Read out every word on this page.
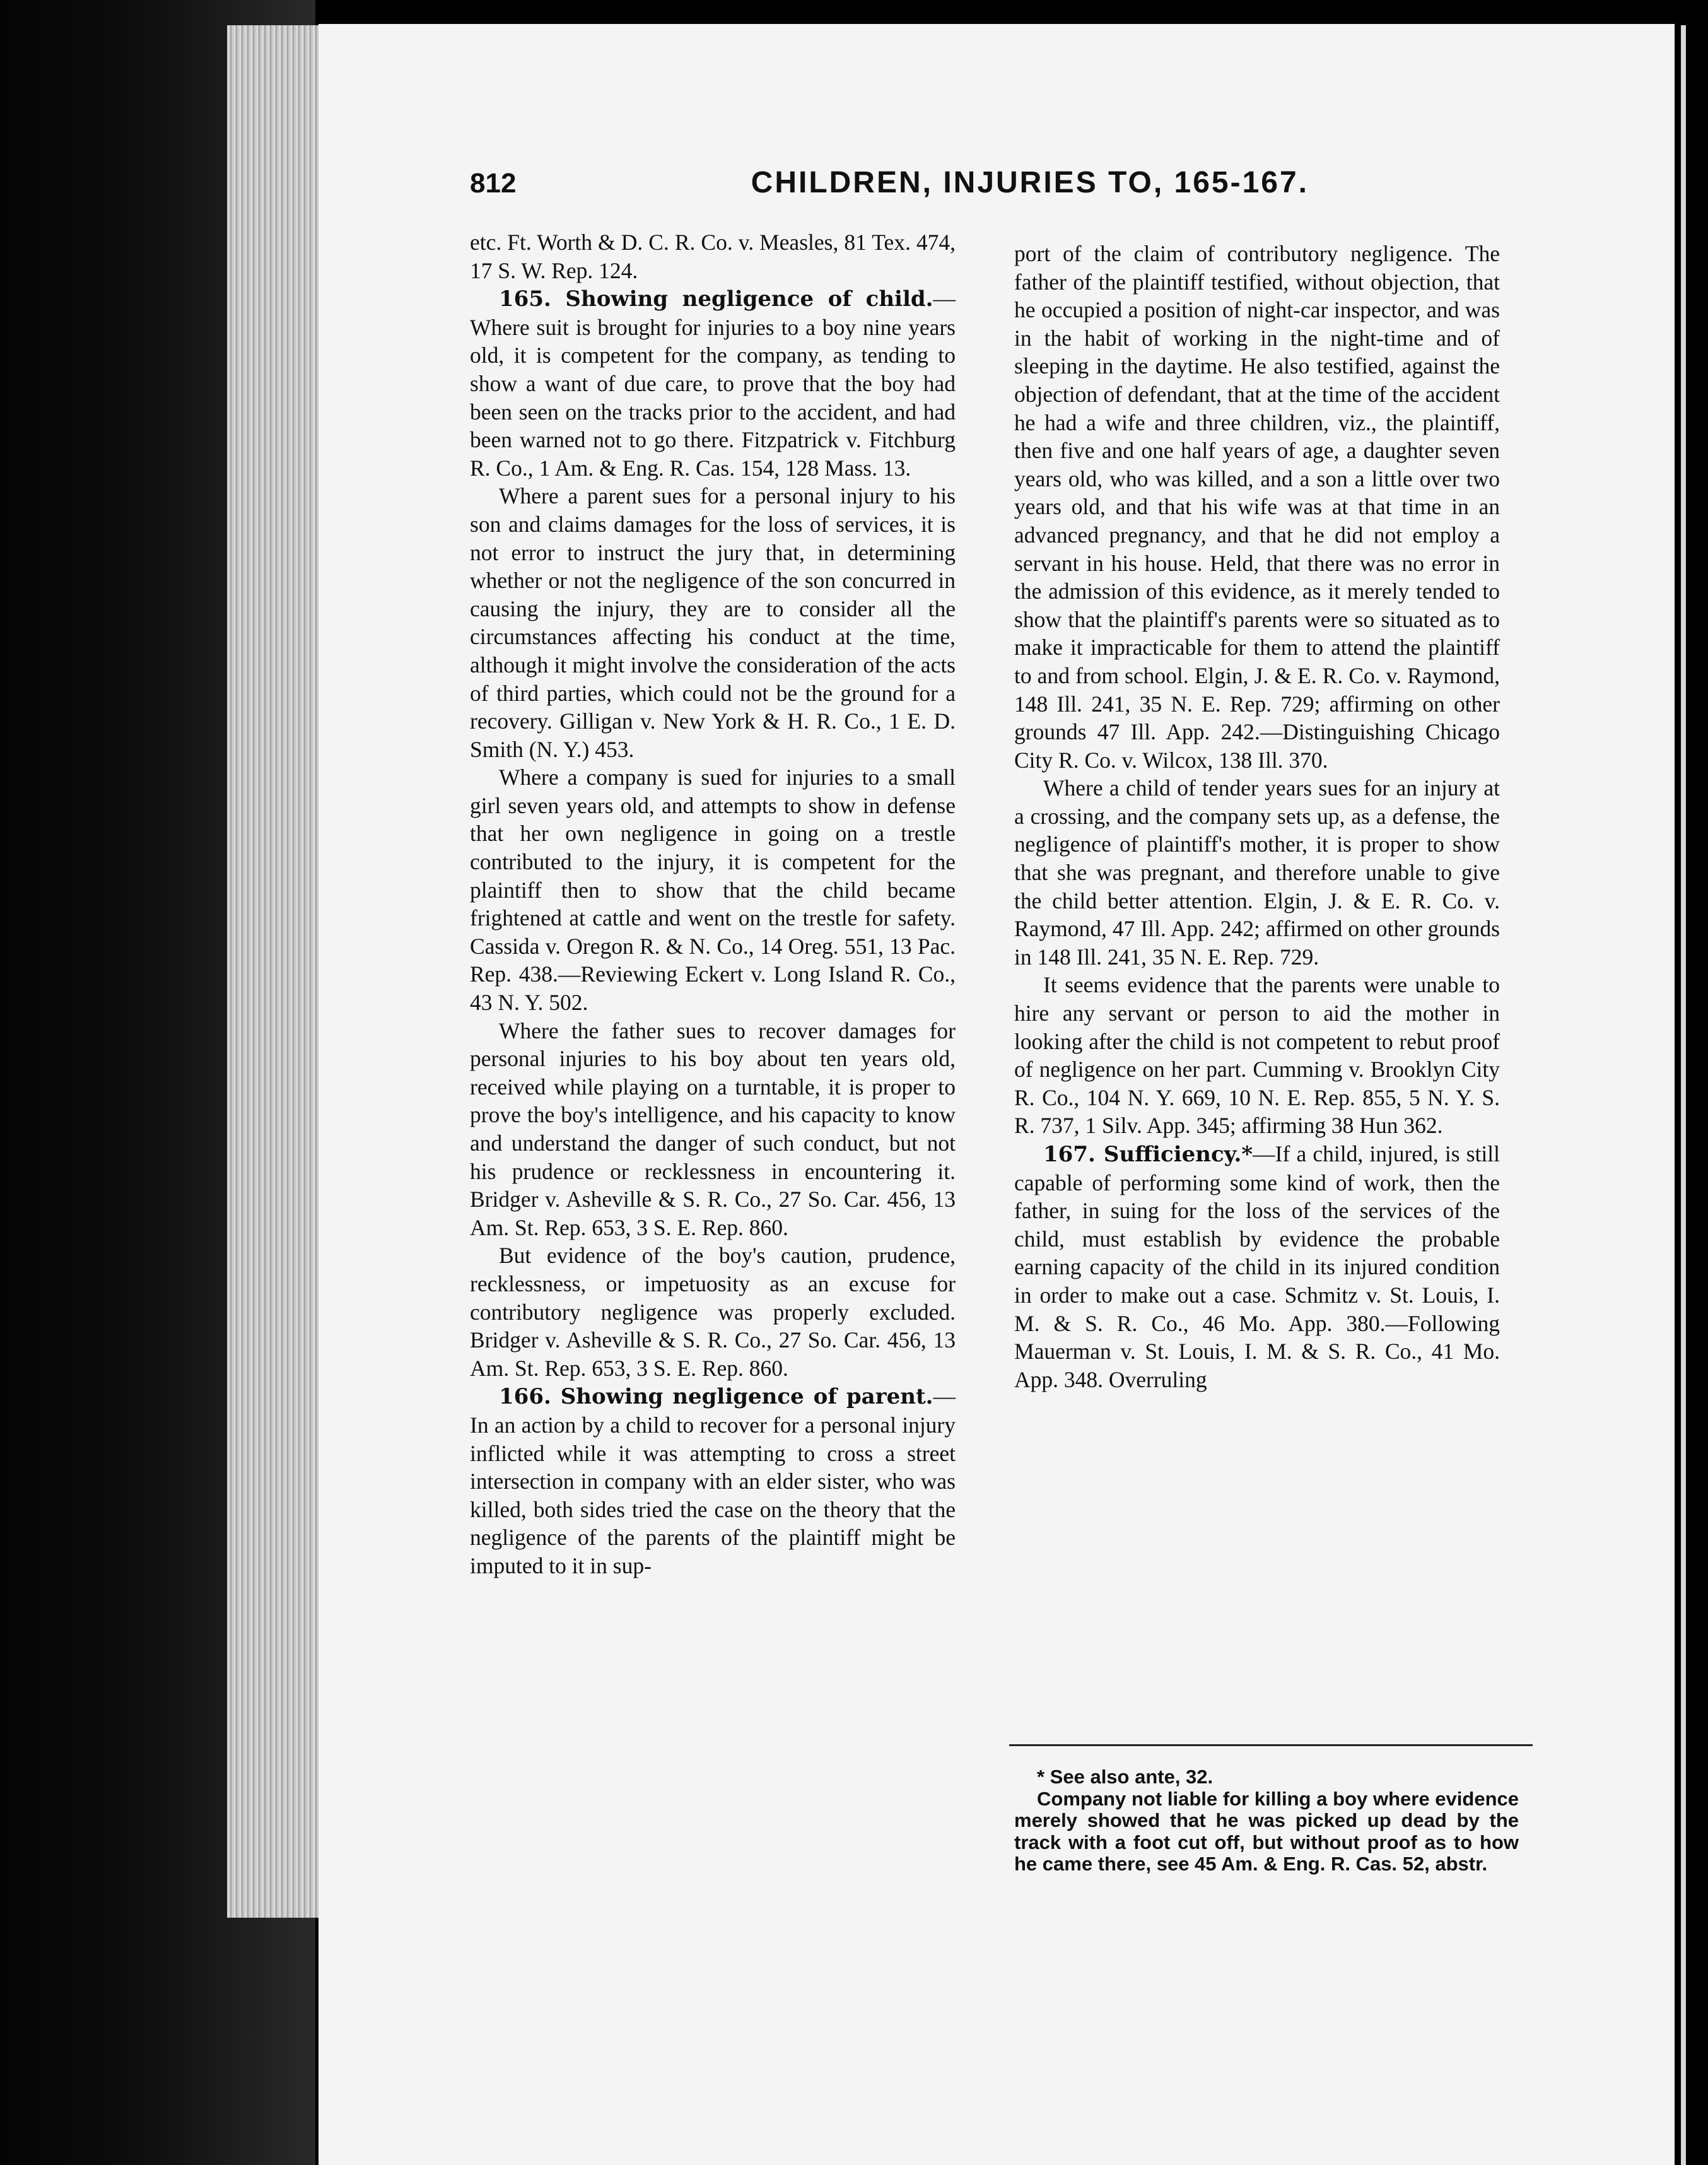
812	CHILDREN, INJURIES TO, 165-167.

etc. Ft. Worth & D. C. R. Co. v. Measles, 81 Tex. 474, 17 S. W. Rep. 124.

165. Showing negligence of child.—Where suit is brought for injuries to a boy nine years old, it is competent for the company, as tending to show a want of due care, to prove that the boy had been seen on the tracks prior to the accident, and had been warned not to go there. Fitzpatrick v. Fitchburg R. Co., 1 Am. & Eng. R. Cas. 154, 128 Mass. 13.

Where a parent sues for a personal injury to his son and claims damages for the loss of services, it is not error to instruct the jury that, in determining whether or not the negligence of the son concurred in causing the injury, they are to consider all the circumstances affecting his conduct at the time, although it might involve the consideration of the acts of third parties, which could not be the ground for a recovery. Gilligan v. New York & H. R. Co., 1 E. D. Smith (N. Y.) 453.

Where a company is sued for injuries to a small girl seven years old, and attempts to show in defense that her own negligence in going on a trestle contributed to the injury, it is competent for the plaintiff then to show that the child became frightened at cattle and went on the trestle for safety. Cassida v. Oregon R. & N. Co., 14 Oreg. 551, 13 Pac. Rep. 438.—Reviewing Eckert v. Long Island R. Co., 43 N. Y. 502.

Where the father sues to recover damages for personal injuries to his boy about ten years old, received while playing on a turntable, it is proper to prove the boy's intelligence, and his capacity to know and understand the danger of such conduct, but not his prudence or recklessness in encountering it. Bridger v. Asheville & S. R. Co., 27 So. Car. 456, 13 Am. St. Rep. 653, 3 S. E. Rep. 860.

But evidence of the boy's caution, prudence, recklessness, or impetuosity as an excuse for contributory negligence was properly excluded. Bridger v. Asheville & S. R. Co., 27 So. Car. 456, 13 Am. St. Rep. 653, 3 S. E. Rep. 860.

166. Showing negligence of parent.—In an action by a child to recover for a personal injury inflicted while it was attempting to cross a street intersection in company with an elder sister, who was killed, both sides tried the case on the theory that the negligence of the parents of the plaintiff might be imputed to it in sup-

port of the claim of contributory negligence. The father of the plaintiff testified, without objection, that he occupied a position of night-car inspector, and was in the habit of working in the night-time and of sleeping in the daytime. He also testified, against the objection of defendant, that at the time of the accident he had a wife and three children, viz., the plaintiff, then five and one half years of age, a daughter seven years old, who was killed, and a son a little over two years old, and that his wife was at that time in an advanced pregnancy, and that he did not employ a servant in his house. Held, that there was no error in the admission of this evidence, as it merely tended to show that the plaintiff's parents were so situated as to make it impracticable for them to attend the plaintiff to and from school. Elgin, J. & E. R. Co. v. Raymond, 148 Ill. 241, 35 N. E. Rep. 729; affirming on other grounds 47 Ill. App. 242.—Distinguishing Chicago City R. Co. v. Wilcox, 138 Ill. 370.

Where a child of tender years sues for an injury at a crossing, and the company sets up, as a defense, the negligence of plaintiff's mother, it is proper to show that she was pregnant, and therefore unable to give the child better attention. Elgin, J. & E. R. Co. v. Raymond, 47 Ill. App. 242; affirmed on other grounds in 148 Ill. 241, 35 N. E. Rep. 729.

It seems evidence that the parents were unable to hire any servant or person to aid the mother in looking after the child is not competent to rebut proof of negligence on her part. Cumming v. Brooklyn City R. Co., 104 N. Y. 669, 10 N. E. Rep. 855, 5 N. Y. S. R. 737, 1 Silv. App. 345; affirming 38 Hun 362.

167. Sufficiency.*—If a child, injured, is still capable of performing some kind of work, then the father, in suing for the loss of the services of the child, must establish by evidence the probable earning capacity of the child in its injured condition in order to make out a case. Schmitz v. St. Louis, I. M. & S. R. Co., 46 Mo. App. 380.—Following Mauerman v. St. Louis, I. M. & S. R. Co., 41 Mo. App. 348. Overruling

* See also ante, 32.

Company not liable for killing a boy where evidence merely showed that he was picked up dead by the track with a foot cut off, but without proof as to how he came there, see 45 Am. & Eng. R. Cas. 52, abstr.
